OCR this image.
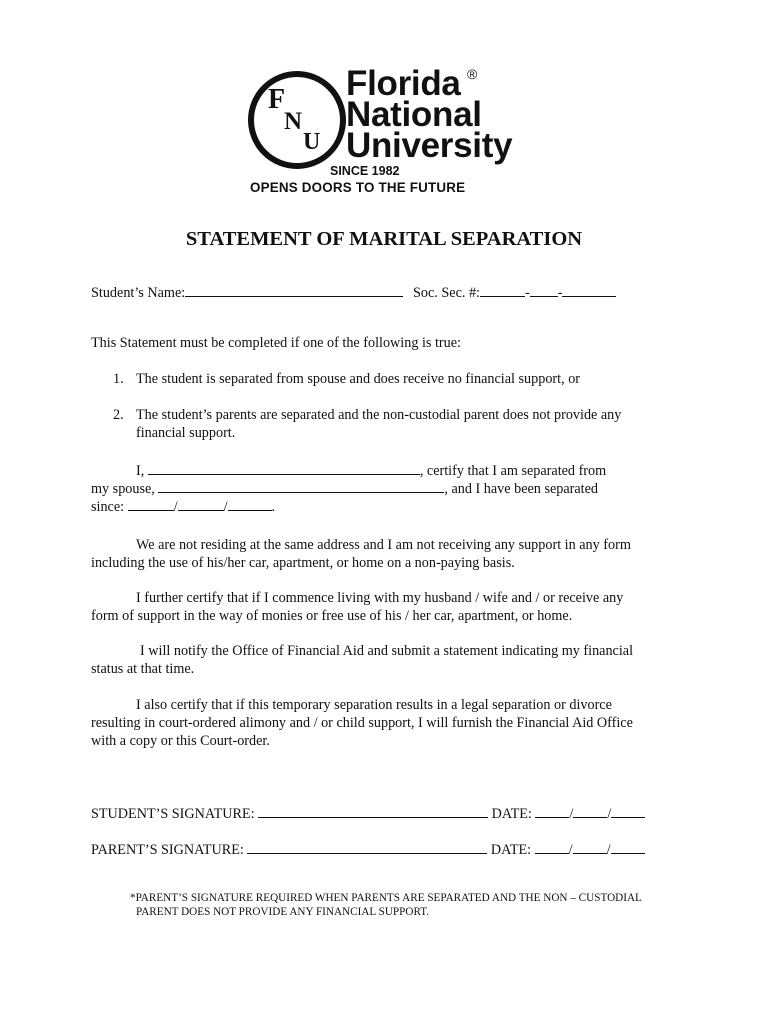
F
N
U
Florida ®
National
University
SINCE 1982
OPENS DOORS TO THE FUTURE
STATEMENT OF MARITAL SEPARATION
Student’s Name:	Soc. Sec. #:	- -
This Statement must be completed if one of the following is true:
1. The student is separated from spouse and does receive no financial support, or
2. The student’s parents are separated and the non-custodial parent does not provide any
financial support.
I,	, certify that I am separated from
my spouse,	, and I have been separated
since:	/	/	.
We are not residing at the same address and I am not receiving any support in any form
including the use of his/her car, apartment, or home on a non-paying basis.
I further certify that if I commence living with my husband / wife and / or receive any
form of support in the way of monies or free use of his / her car, apartment, or home.
I will notify the Office of Financial Aid and submit a statement indicating my financial
status at that time.
I also certify that if this temporary separation results in a legal separation or divorce
resulting in court-ordered alimony and / or child support, I will furnish the Financial Aid Office
with a copy or this Court-order.
STUDENT’S SIGNATURE:	DATE:	/ /
PARENT’S SIGNATURE:	DATE:	/ /
*PARENT’S SIGNATURE REQUIRED WHEN PARENTS ARE SEPARATED AND THE NON – CUSTODIAL
PARENT DOES NOT PROVIDE ANY FINANCIAL SUPPORT.
